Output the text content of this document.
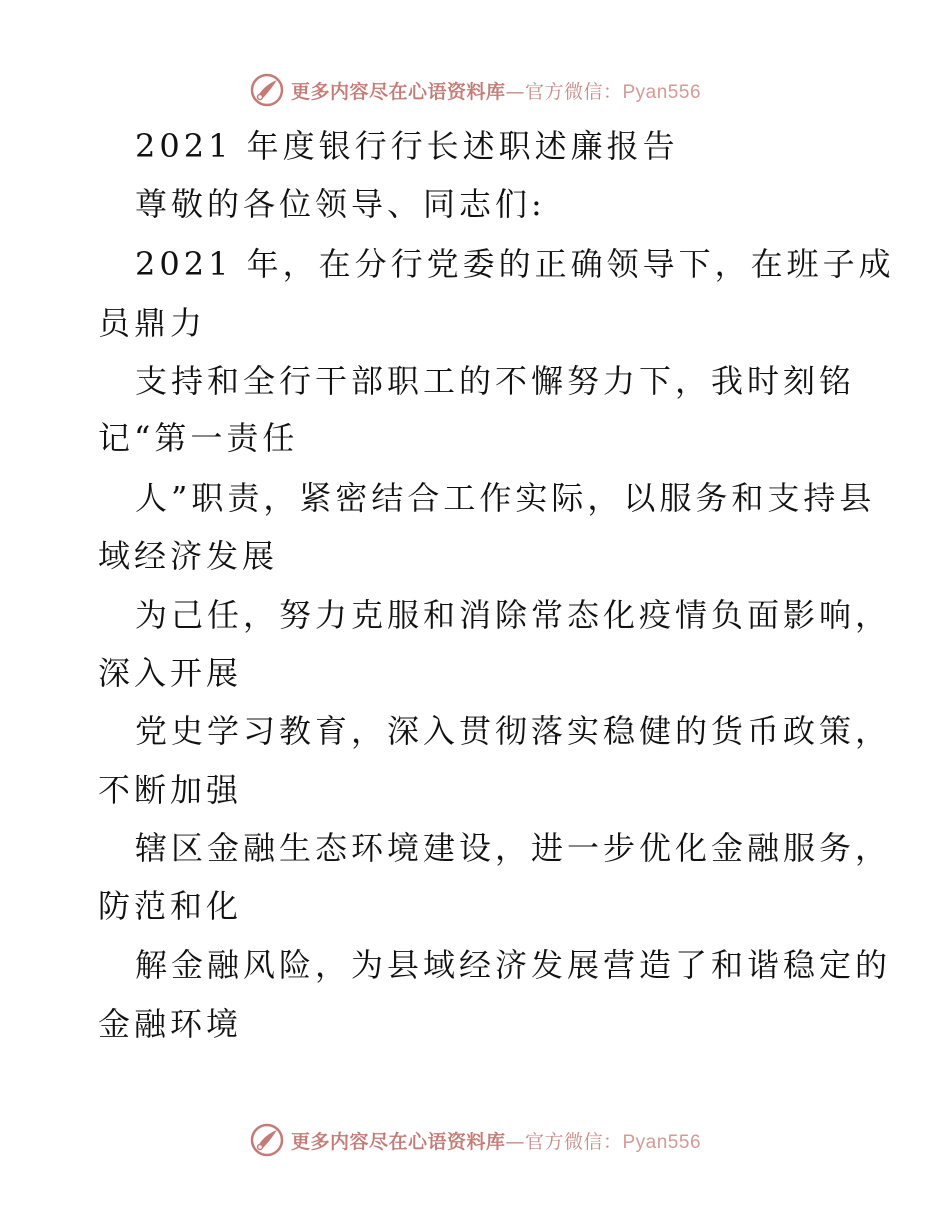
更多内容尽在心语资料库—官方微信：Pyan556
2021 年度银行行长述职述廉报告
尊敬的各位领导、同志们:
2021 年，在分行党委的正确领导下，在班子成
员鼎力
支持和全行干部职工的不懈努力下，我时刻铭
记“第一责任
人”职责，紧密结合工作实际，以服务和支持县
域经济发展
为己任，努力克服和消除常态化疫情负面影响，
深入开展
党史学习教育，深入贯彻落实稳健的货币政策，
不断加强
辖区金融生态环境建设，进一步优化金融服务，
防范和化
解金融风险，为县域经济发展营造了和谐稳定的
金融环境
更多内容尽在心语资料库—官方微信：Pyan556
